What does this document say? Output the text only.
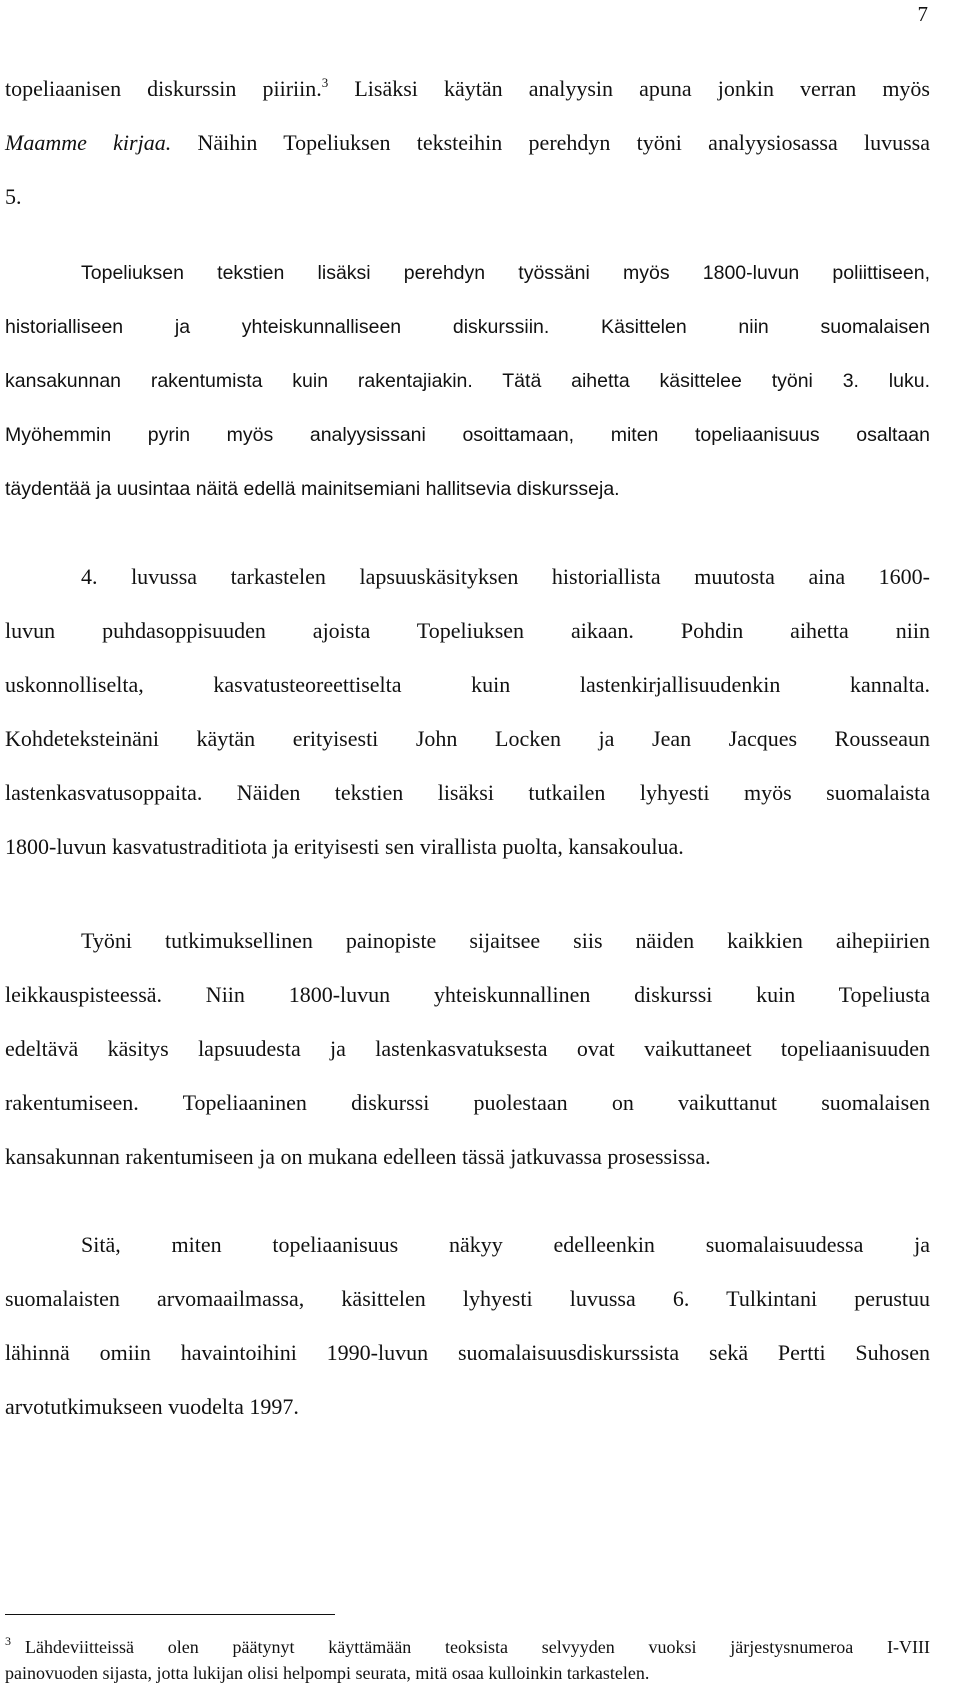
7
topeliaanisen diskurssin piiriin.$^3$ Lisäksi käytän analyysin apuna jonkin verran myös
Maamme kirjaa. Näihin Topeliuksen teksteihin perehdyn työni analyysiosassa luvussa
5.
Topeliuksen tekstien lisäksi perehdyn työssäni myös 1800-luvun poliittiseen,
historialliseen ja yhteiskunnalliseen diskurssiin. Käsittelen niin suomalaisen
kansakunnan rakentumista kuin rakentajiakin. Tätä aihetta käsittelee työni 3. luku.
Myöhemmin pyrin myös analyysissani osoittamaan, miten topeliaanisuus osaltaan
täydentää ja uusintaa näitä edellä mainitsemiani hallitsevia diskursseja.
4. luvussa tarkastelen lapsuuskäsityksen historiallista muutosta aina 1600-
luvun puhdasoppisuuden ajoista Topeliuksen aikaan. Pohdin aihetta niin
uskonnolliselta, kasvatusteoreettiselta kuin lastenkirjallisuudenkin kannalta.
Kohdeteksteinäni käytän erityisesti John Locken ja Jean Jacques Rousseaun
lastenkasvatusoppaita. Näiden tekstien lisäksi tutkailen lyhyesti myös suomalaista
1800-luvun kasvatustraditiota ja erityisesti sen virallista puolta, kansakoulua.
Työni tutkimuksellinen painopiste sijaitsee siis näiden kaikkien aihepiirien
leikkauspisteessä. Niin 1800-luvun yhteiskunnallinen diskurssi kuin Topeliusta
edeltävä käsitys lapsuudesta ja lastenkasvatuksesta ovat vaikuttaneet topeliaanisuuden
rakentumiseen. Topeliaaninen diskurssi puolestaan on vaikuttanut suomalaisen
kansakunnan rakentumiseen ja on mukana edelleen tässä jatkuvassa prosessissa.
Sitä, miten topeliaanisuus näkyy edelleenkin suomalaisuudessa ja
suomalaisten arvomaailmassa, käsittelen lyhyesti luvussa 6. Tulkintani perustuu
lähinnä omiin havaintoihini 1990-luvun suomalaisuusdiskurssista sekä Pertti Suhosen
arvotutkimukseen vuodelta 1997.
$^3$ Lähdeviitteissä olen päätynyt käyttämään teoksista selvyyden vuoksi järjestysnumeroa I-VIII
painovuoden sijasta, jotta lukijan olisi helpompi seurata, mitä osaa kulloinkin tarkastelen.
